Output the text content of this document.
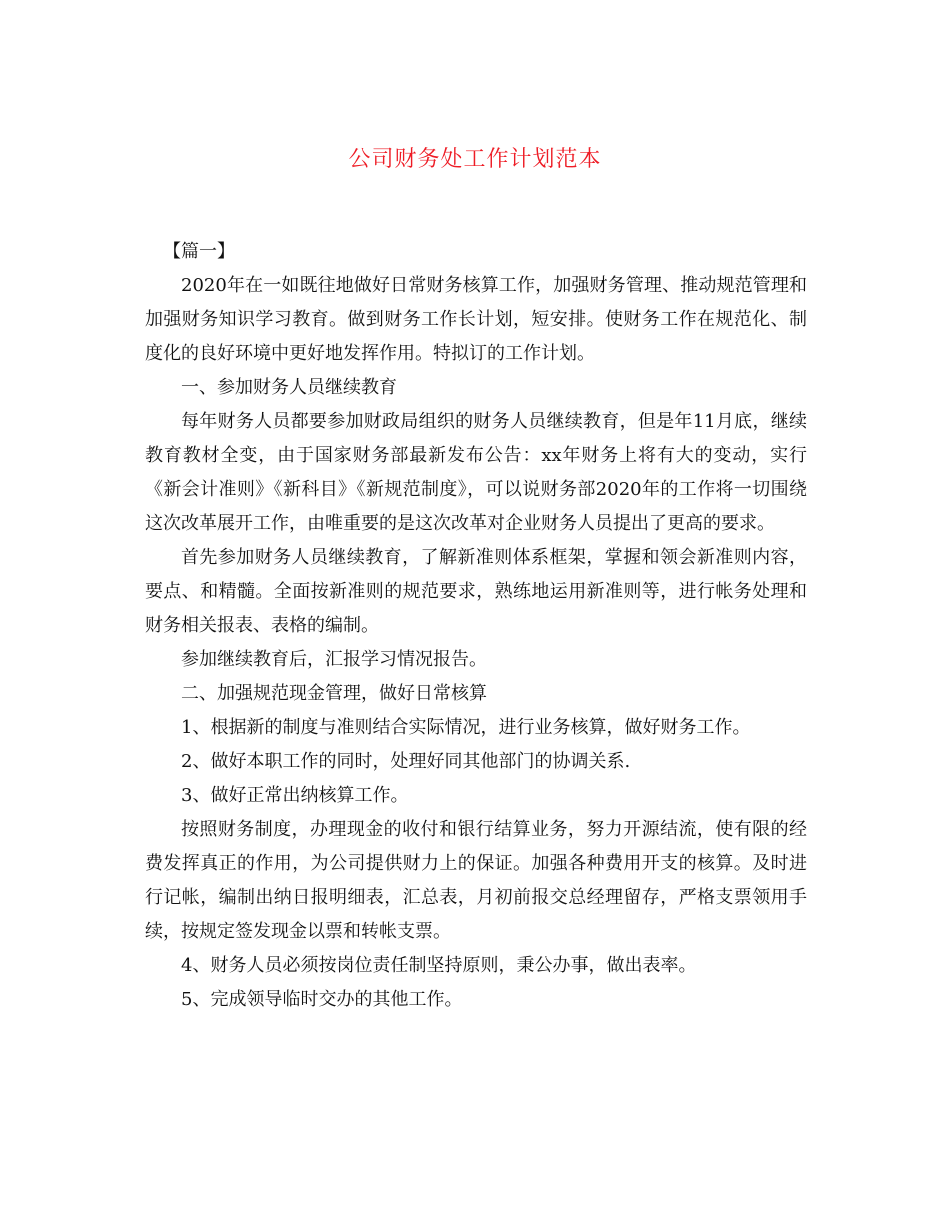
公司财务处工作计划范本

【篇一】

2020年在一如既往地做好日常财务核算工作，加强财务管理、推动规范管理和加强财务知识学习教育。做到财务工作长计划，短安排。使财务工作在规范化、制度化的良好环境中更好地发挥作用。特拟订的工作计划。

一、参加财务人员继续教育

每年财务人员都要参加财政局组织的财务人员继续教育，但是年11月底，继续教育教材全变，由于国家财务部最新发布公告：xx年财务上将有大的变动，实行《新会计准则》《新科目》《新规范制度》，可以说财务部2020年的工作将一切围绕这次改革展开工作，由唯重要的是这次改革对企业财务人员提出了更高的要求。

首先参加财务人员继续教育，了解新准则体系框架，掌握和领会新准则内容，要点、和精髓。全面按新准则的规范要求，熟练地运用新准则等，进行帐务处理和财务相关报表、表格的编制。

参加继续教育后，汇报学习情况报告。

二、加强规范现金管理，做好日常核算

1、根据新的制度与准则结合实际情况，进行业务核算，做好财务工作。

2、做好本职工作的同时，处理好同其他部门的协调关系.

3、做好正常出纳核算工作。

按照财务制度，办理现金的收付和银行结算业务，努力开源结流，使有限的经费发挥真正的作用，为公司提供财力上的保证。加强各种费用开支的核算。及时进行记帐，编制出纳日报明细表，汇总表，月初前报交总经理留存，严格支票领用手续，按规定签发现金以票和转帐支票。

4、财务人员必须按岗位责任制坚持原则，秉公办事，做出表率。

5、完成领导临时交办的其他工作。
